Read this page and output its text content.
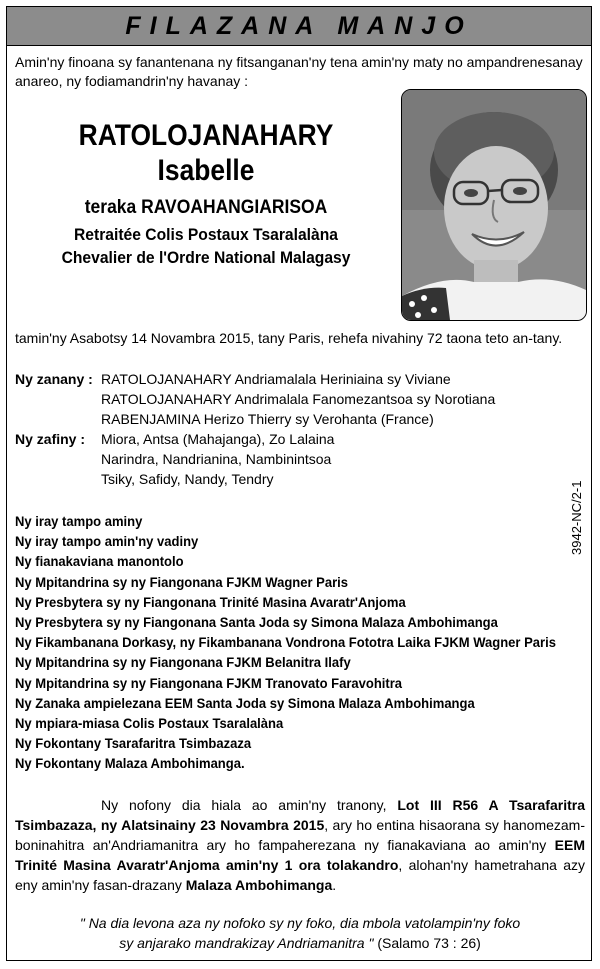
FILAZANA MANJO
Amin'ny finoana sy fanantenana ny fitsanganan'ny tena amin'ny maty no ampandrenesanay anareo, ny fodiamandrin'ny havanay :
RATOLOJANAHARY
Isabelle
teraka RAVOAHANGIARISOA
Retraitée Colis Postaux Tsaralalàna
Chevalier de l'Ordre National Malagasy
tamin'ny Asabotsy 14 Novambra 2015, tany Paris, rehefa nivahiny 72 taona teto an-tany.
Ny zanany : RATOLOJANAHARY Andriamalala Heriniaina sy Viviane
RATOLOJANAHARY Andrimalala Fanomezantsoa sy Norotiana
RABENJAMINA Herizo Thierry sy Verohanta (France)
Ny zafiny :	Miora, Antsa (Mahajanga), Zo Lalaina
Narindra, Nandrianina, Nambinintsoa
Tsiky, Safidy, Nandy, Tendry
3942-NC/2-1
Ny iray tampo aminy
Ny iray tampo amin'ny vadiny
Ny fianakaviana manontolo
Ny Mpitandrina sy ny Fiangonana FJKM Wagner Paris
Ny Presbytera sy ny Fiangonana Trinité Masina Avaratr'Anjoma
Ny Presbytera sy ny Fiangonana Santa Joda sy Simona Malaza Ambohimanga
Ny Fikambanana Dorkasy, ny Fikambanana Vondrona Fototra Laika FJKM Wagner Paris
Ny Mpitandrina sy ny Fiangonana FJKM Belanitra Ilafy
Ny Mpitandrina sy ny Fiangonana FJKM Tranovato Faravohitra
Ny Zanaka ampielezana EEM Santa Joda sy Simona Malaza Ambohimanga
Ny mpiara-miasa Colis Postaux Tsaralalàna
Ny Fokontany Tsarafaritra Tsimbazaza
Ny Fokontany Malaza Ambohimanga.
Ny nofony dia hiala ao amin'ny tranony, Lot III R56 A Tsarafaritra Tsimbazaza, ny Alatsinainy 23 Novambra 2015, ary ho entina hisaorana sy hanomezam-boninahitra an'Andriamanitra ary ho fampaherezana ny fianakaviana ao amin'ny EEM Trinité Masina Avaratr'Anjoma amin'ny 1 ora tolakandro, alohan'ny hametrahana azy eny amin'ny fasan-drazany Malaza Ambohimanga.
" Na dia levona aza ny nofoko sy ny foko, dia mbola vatolampin'ny foko
sy anjarako mandrakizay Andriamanitra " (Salamo 73 : 26)
